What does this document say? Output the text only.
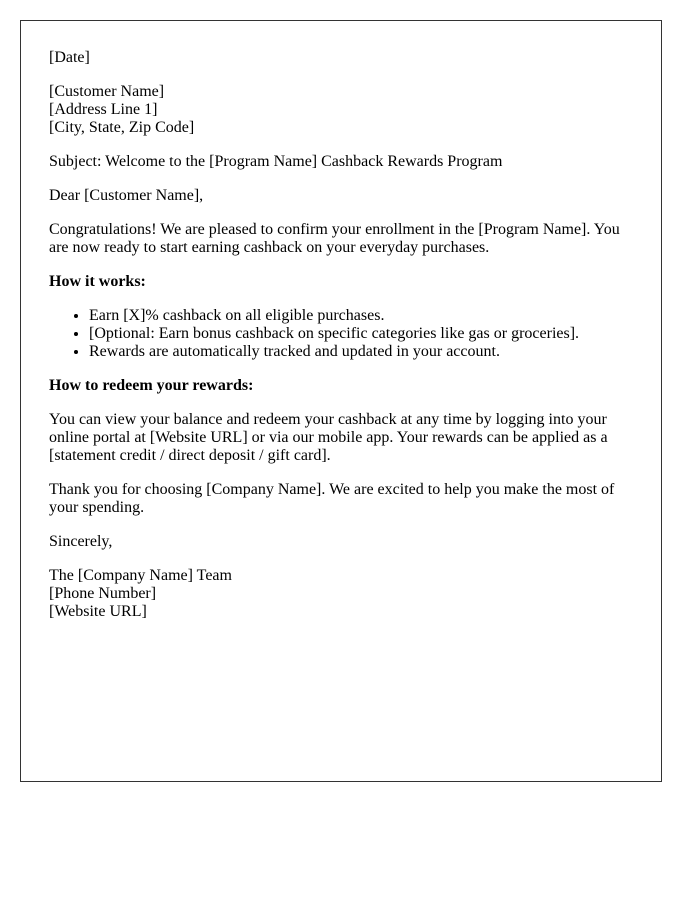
[Date]

[Customer Name]
[Address Line 1]
[City, State, Zip Code]

Subject: Welcome to the [Program Name] Cashback Rewards Program

Dear [Customer Name],

Congratulations! We are pleased to confirm your enrollment in the [Program Name]. You are now ready to start earning cashback on your everyday purchases.

How it works:

• Earn [X]% cashback on all eligible purchases.
• [Optional: Earn bonus cashback on specific categories like gas or groceries].
• Rewards are automatically tracked and updated in your account.

How to redeem your rewards:

You can view your balance and redeem your cashback at any time by logging into your online portal at [Website URL] or via our mobile app. Your rewards can be applied as a [statement credit / direct deposit / gift card].

Thank you for choosing [Company Name]. We are excited to help you make the most of your spending.

Sincerely,

The [Company Name] Team
[Phone Number]
[Website URL]
